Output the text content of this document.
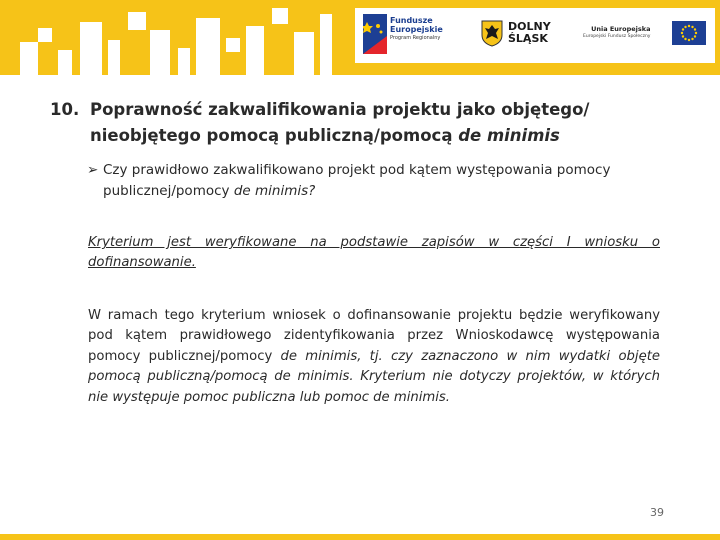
Fundusze Europejskie
Program Regionalny
DOLNY
ŚLĄSK
Unia Europejska
Europejski Fundusz Społeczny
10. Poprawność zakwalifikowania projektu jako objętego/ nieobjętego pomocą publiczną/pomocą de minimis
➢ Czy prawidłowo zakwalifikowano projekt pod kątem występowania pomocy publicznej/pomocy de minimis?
Kryterium jest weryfikowane na podstawie zapisów w części I wniosku o dofinansowanie.
W ramach tego kryterium wniosek o dofinansowanie projektu będzie weryfikowany pod kątem prawidłowego zidentyfikowania przez Wnioskodawcę występowania pomocy publicznej/pomocy de minimis, tj. czy zaznaczono w nim wydatki objęte pomocą publiczną/pomocą de minimis. Kryterium nie dotyczy projektów, w których nie występuje pomoc publiczna lub pomoc de minimis.
39
